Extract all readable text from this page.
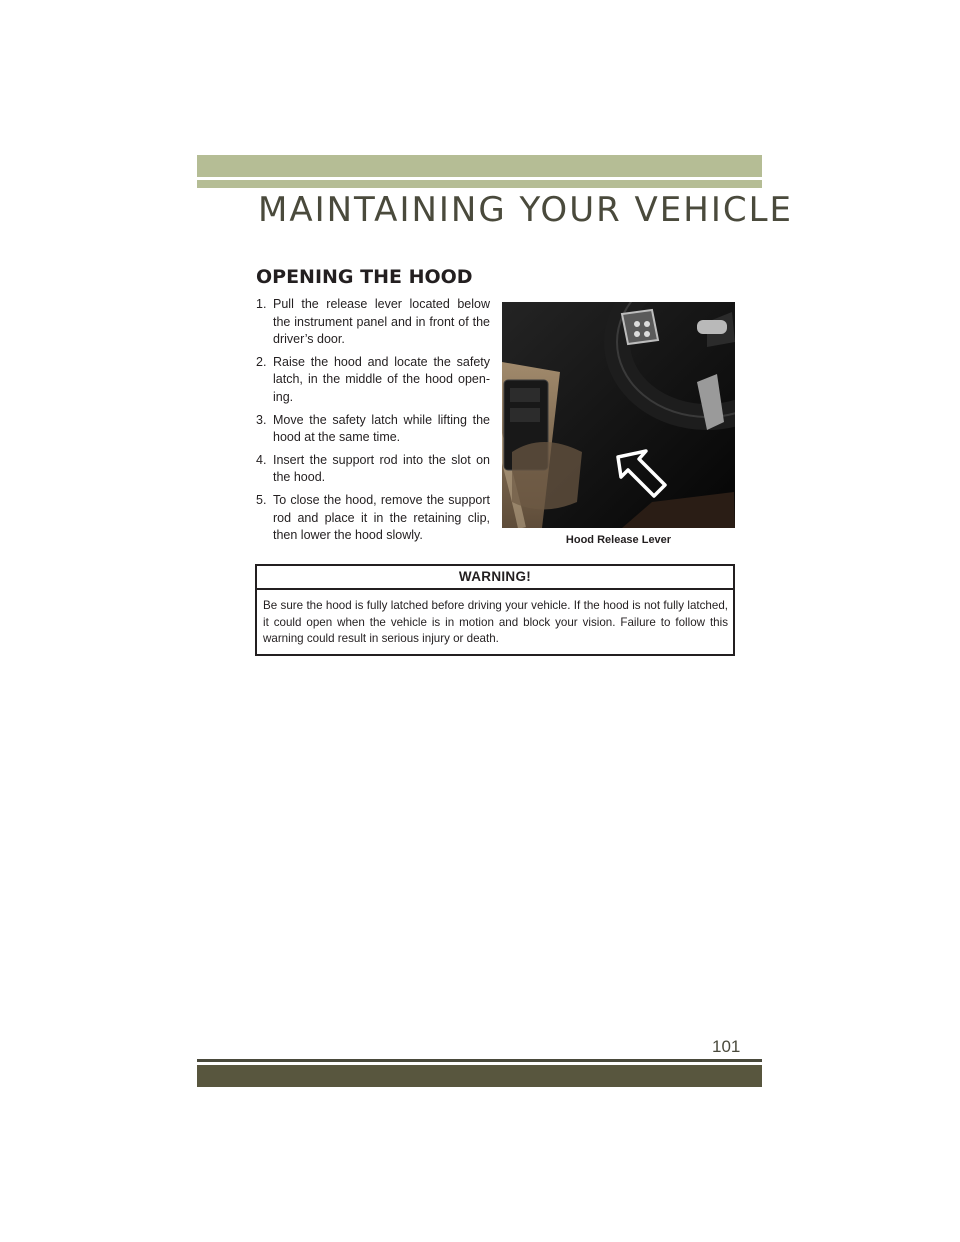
MAINTAINING YOUR VEHICLE
OPENING THE HOOD
1. Pull the release lever located below the instrument panel and in front of the driver’s door.
2. Raise the hood and locate the safety latch, in the middle of the hood open-ing.
3. Move the safety latch while lifting the hood at the same time.
4. Insert the support rod into the slot on the hood.
5. To close the hood, remove the support rod and place it in the retaining clip, then lower the hood slowly.	Hood Release Lever
WARNING!

Be sure the hood is fully latched before driving your vehicle. If the hood is not fully latched, it could open when the vehicle is in motion and block your vision. Failure to follow this warning could result in serious injury or death.

101
